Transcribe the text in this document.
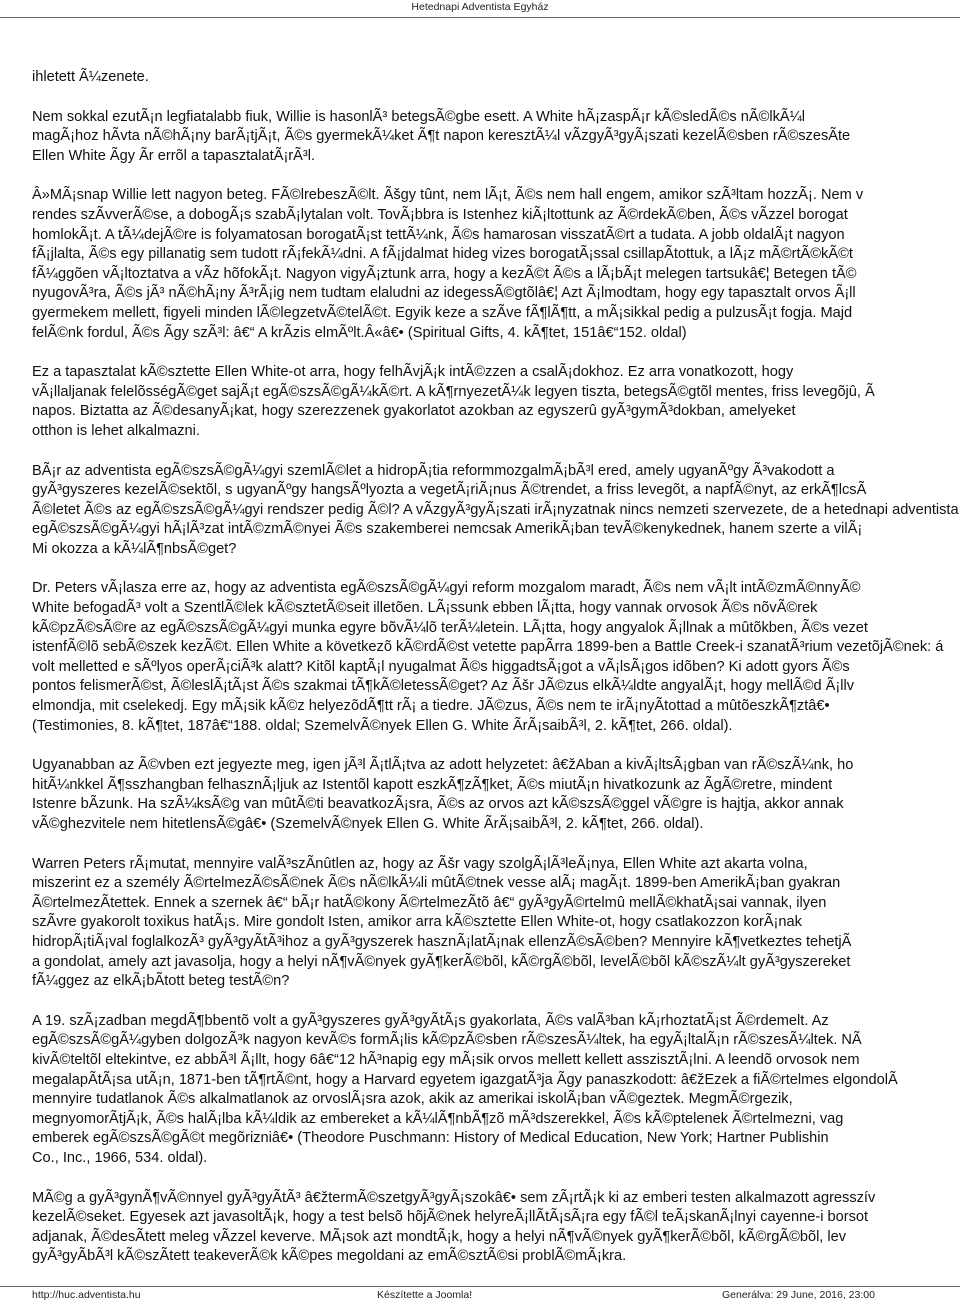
Hetednapi Adventista Egyház
ihletett Ã¼zenete.
Nem sokkal ezutÃ¡n legfiatalabb fiuk, Willie is hasonlÃ³ betegsÃ©gbe esett. A White hÃ¡zaspÃ¡r kÃ©sledÃ©s nÃ©lkÃ¼l
magÃ¡hoz hÃvta nÃ©hÃ¡ny barÃ¡tjÃ¡t, Ã©s gyermekÃ¼ket Ã¶t napon keresztÃ¼l vÃzgyÃ³gyÃ¡szati kezelÃ©sben rÃ©szesÃte
Ellen White Ãgy Ãr errõl a tapasztalatÃ¡rÃ³l.
Â»MÃ¡snap Willie lett nagyon beteg. FÃ©lrebeszÃ©lt. Ãšgy tûnt, nem lÃ¡t, Ã©s nem hall engem, amikor szÃ³ltam hozzÃ¡. Nem v
rendes szÃvverÃ©se, a dobogÃ¡s szabÃ¡lytalan volt. TovÃ¡bbra is Istenhez kiÃ¡ltottunk az Ã©rdekÃ©ben, Ã©s vÃzzel borogat
homlokÃ¡t. A tÃ¼dejÃ©re is folyamatosan borogatÃ¡st tettÃ¼nk, Ã©s hamarosan visszatÃ©rt a tudata. A jobb oldalÃ¡t nagyon
fÃ¡jlalta, Ã©s egy pillanatig sem tudott rÃ¡fekÃ¼dni. A fÃ¡jdalmat hideg vizes borogatÃ¡ssal csillapÃtottuk, a lÃ¡z mÃ©rtÃ©kÃ©t
fÃ¼ggõen vÃ¡ltoztatva a vÃz hõfokÃ¡t. Nagyon vigyÃ¡ztunk arra, hogy a kezÃ©t Ã©s a lÃ¡bÃ¡t melegen tartsukâ€¦ Betegen tÃ©
nyugovÃ³ra, Ã©s jÃ³ nÃ©hÃ¡ny Ã³rÃ¡ig nem tudtam elaludni az idegessÃ©gtõlâ€¦ Azt Ã¡lmodtam, hogy egy tapasztalt orvos Ã¡ll
gyermekem mellett, figyeli minden lÃ©legzetvÃ©telÃ©t. Egyik keze a szÃve fÃ¶lÃ¶tt, a mÃ¡sikkal pedig a pulzusÃ¡t fogja. Majd
felÃ©nk fordul, Ã©s Ãgy szÃ³l: â€“ A krÃzis elmÃºlt.Â«â€• (Spiritual Gifts, 4. kÃ¶tet, 151â€“152. oldal)
Ez a tapasztalat kÃ©sztette Ellen White-ot arra, hogy felhÃvjÃ¡k intÃ©zzen a csalÃ¡dokhoz. Ez arra vonatkozott, hogy
vÃ¡llaljanak felelõsségÃ©get sajÃ¡t egÃ©szsÃ©gÃ¼kÃ©rt. A kÃ¶rnyezetÃ¼k legyen tiszta, betegsÃ©gtõl mentes, friss levegõjû, Ã
napos. Biztatta az Ã©desanyÃ¡kat, hogy szerezzenek gyakorlatot azokban az egyszerû gyÃ³gymÃ³dokban, amelyeket
otthon is lehet alkalmazni.
BÃ¡r az adventista egÃ©szsÃ©gÃ¼gyi szemlÃ©let a hidropÃ¡tia reformmozgalmÃ¡bÃ³l ered, amely ugyanÃºgy Ã³vakodott a
gyÃ³gyszeres kezelÃ©sektõl, s ugyanÃºgy hangsÃºlyozta a vegetÃ¡riÃ¡nus Ã©trendet, a friss levegõt, a napfÃ©nyt, az erkÃ¶lcsÃ
Ã©letet Ã©s az egÃ©szsÃ©gÃ¼gyi rendszer pedig Ã©l? A vÃzgyÃ³gyÃ¡szati irÃ¡nyzatnak nincs nemzeti szervezete, de a hetednapi adventista
egÃ©szsÃ©gÃ¼gyi hÃ¡lÃ³zat intÃ©zmÃ©nyei Ã©s szakemberei nemcsak AmerikÃ¡ban tevÃ©kenykednek, hanem szerte a vilÃ¡
Mi okozza a kÃ¼lÃ¶nbsÃ©get?
Dr. Peters vÃ¡lasza erre az, hogy az adventista egÃ©szsÃ©gÃ¼gyi reform mozgalom maradt, Ã©s nem vÃ¡lt intÃ©zmÃ©nnyÃ©
White befogadÃ³ volt a SzentlÃ©lek kÃ©sztetÃ©seit illetõen. LÃ¡ssunk ebben lÃ¡tta, hogy vannak orvosok Ã©s nõvÃ©rek
kÃ©pzÃ©sÃ©re az egÃ©szsÃ©gÃ¼gyi munka egyre bõvÃ¼lõ terÃ¼letein. LÃ¡tta, hogy angyalok Ã¡llnak a mûtõkben, Ã©s vezet
istenfÃ©lõ sebÃ©szek kezÃ©t. Ellen White a következõ kÃ©rdÃ©st vetette papÃrra 1899-ben a Battle Creek-i szanatÃ³rium vezetõjÃ©nek: á
volt melletted e sÃºlyos operÃ¡ciÃ³k alatt? Kitõl kaptÃ¡l nyugalmat Ã©s higgadtsÃ¡got a vÃ¡lsÃ¡gos idõben? Ki adott gyors Ã©s
pontos felismerÃ©st, Ã©leslÃ¡tÃ¡st Ã©s szakmai tÃ¶kÃ©letessÃ©get? Az Ãšr JÃ©zus elkÃ¼ldte angyalÃ¡t, hogy mellÃ©d Ã¡llv
elmondja, mit cselekedj. Egy mÃ¡sik kÃ©z helyezõdÃ¶tt rÃ¡ a tiedre. JÃ©zus, Ã©s nem te irÃ¡nyÃtottad a mûtõeszkÃ¶ztâ€•
(Testimonies, 8. kÃ¶tet, 187â€“188. oldal; SzemelvÃ©nyek Ellen G. White ÃrÃ¡saibÃ³l, 2. kÃ¶tet, 266. oldal).
Ugyanabban az Ã©vben ezt jegyezte meg, igen jÃ³l Ã¡tlÃ¡tva az adott helyzetet: â€žAban a kivÃ¡ltsÃ¡gban van rÃ©szÃ¼nk, ho
hitÃ¼nkkel Ã¶sszhangban felhasznÃ¡ljuk az Istentõl kapott eszkÃ¶zÃ¶ket, Ã©s miutÃ¡n hivatkozunk az ÃgÃ©retre, mindent
Istenre bÃzunk. Ha szÃ¼ksÃ©g van mûtÃ©ti beavatkozÃ¡sra, Ã©s az orvos azt kÃ©szsÃ©ggel vÃ©gre is hajtja, akkor annak
vÃ©ghezvitele nem hitetlensÃ©gâ€• (SzemelvÃ©nyek Ellen G. White ÃrÃ¡saibÃ³l, 2. kÃ¶tet, 266. oldal).
Warren Peters rÃ¡mutat, mennyire valÃ³szÃnûtlen az, hogy az Ãšr vagy szolgÃ¡lÃ³leÃ¡nya, Ellen White azt akarta volna,
miszerint ez a személy Ã©rtelmezÃ©sÃ©nek Ã©s nÃ©lkÃ¼li mûtÃ©tnek vesse alÃ¡ magÃ¡t. 1899-ben AmerikÃ¡ban gyakran
Ã©rtelmezÃtettek. Ennek a szernek â€“ bÃ¡r hatÃ©kony Ã©rtelmezÃtõ â€“ gyÃ³gyÃ©rtelmû mellÃ©khatÃ¡sai vannak, ilyen
szÃvre gyakorolt toxikus hatÃ¡s. Mire gondolt Isten, amikor arra kÃ©sztette Ellen White-ot, hogy csatlakozzon korÃ¡nak
hidropÃ¡tiÃ¡val foglalkozÃ³ gyÃ³gyÃtÃ³ihoz a gyÃ³gyszerek hasznÃ¡latÃ¡nak ellenzÃ©sÃ©ben? Mennyire kÃ¶vetkeztes tehetjÃ
a gondolat, amely azt javasolja, hogy a helyi nÃ¶vÃ©nyek gyÃ¶kerÃ©bõl, kÃ©rgÃ©bõl, levelÃ©bõl kÃ©szÃ¼lt gyÃ³gyszereket
fÃ¼ggez az elkÃ¡bÃtott beteg testÃ©n?
A 19. szÃ¡zadban megdÃ¶bbentõ volt a gyÃ³gyszeres gyÃ³gyÃtÃ¡s gyakorlata, Ã©s valÃ³ban kÃ¡rhoztatÃ¡st Ã©rdemelt. Az
egÃ©szsÃ©gÃ¼gyben dolgozÃ³k nagyon kevÃ©s formÃ¡lis kÃ©pzÃ©sben rÃ©szesÃ¼ltek, ha egyÃ¡ltalÃ¡n rÃ©szesÃ¼ltek. NÃ
kivÃ©teltõl eltekintve, ez abbÃ³l Ã¡llt, hogy 6â€“12 hÃ³napig egy mÃ¡sik orvos mellett kellett asszisztÃ¡lni. A leendõ orvosok nem
megalapÃtÃ¡sa utÃ¡n, 1871-ben tÃ¶rtÃ©nt, hogy a Harvard egyetem igazgatÃ³ja Ãgy panaszkodott: â€žEzek a fiÃ©rtelmes elgondolÃ
mennyire tudatlanok Ã©s alkalmatlanok az orvoslÃ¡sra azok, akik az amerikai iskolÃ¡ban vÃ©geztek. MegmÃ©rgezik,
megnyomorÃtjÃ¡k, Ã©s halÃ¡lba kÃ¼ldik az embereket a kÃ¼lÃ¶nbÃ¶zõ mÃ³dszerekkel, Ã©s kÃ©ptelenek Ã©rtelmezni, vag
emberek egÃ©szsÃ©gÃ©t megõrizniâ€• (Theodore Puschmann: History of Medical Education, New York; Hartner Publishin
Co., Inc., 1966, 534. oldal).
MÃ©g a gyÃ³gynÃ¶vÃ©nnyel gyÃ³gyÃtÃ³ â€žtermÃ©szetgyÃ³gyÃ¡szokâ€• sem zÃ¡rtÃ¡k ki az emberi testen alkalmazott agresszív
kezelÃ©seket. Egyesek azt javasoltÃ¡k, hogy a test belsõ hõjÃ©nek helyreÃ¡llÃtÃ¡sÃ¡ra egy fÃ©l teÃ¡skanÃ¡lnyi cayenne-i borsot
adjanak, Ã©desÃtett meleg vÃzzel keverve. MÃ¡sok azt mondtÃ¡k, hogy a helyi nÃ¶vÃ©nyek gyÃ¶kerÃ©bõl, kÃ©rgÃ©bõl, lev
gyÃ³gyÃbÃ³l kÃ©szÃtett teakeverÃ©k kÃ©pes megoldani az emÃ©sztÃ©si problÃ©mÃ¡kra.
http://huc.adventista.hu	Készítette a Joomla!	Generálva: 29 June, 2016, 23:00
